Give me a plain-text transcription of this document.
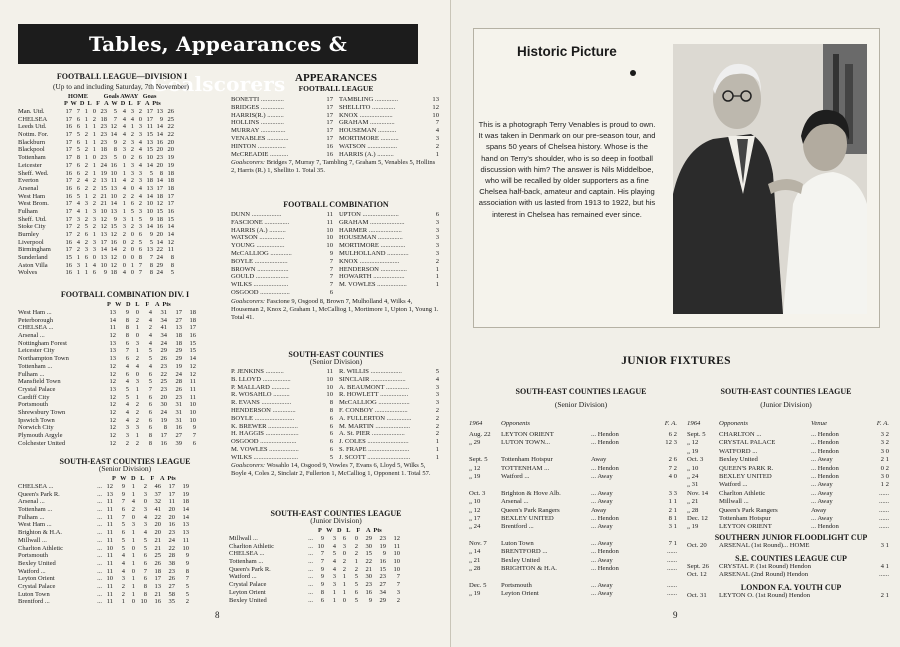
Tables, Appearances & Goalscorers
FOOTBALL LEAGUE—DIVISION I
(Up to and including Saturday, 7th November)
HOME          Goals AWAY   Goas
P  W  D  L   F   A  W  D  L   F   A  Pts
Man. Utd.	17 7 1 0 23	5 4 3 2 17 13 26
CHELSEA	17 6 1 2 18	7 4 4 0 17	9 25
Leeds Utd.	16 6 1 1 23 12 4 1 3 11 14 22
Nottm. For.	17 5 2 1 23 14 4 2 3 15 14 22
Blackburn	17 6 1 1 23	9 2 3 4 13 16 20
Blackpool	17 5 2 1 18	8 3 2 4 15 20 20
Tottenham	17 8 1 0 23	5 0 2 6 10 23 19
Leicester	17 6 2 1 24 16 1 3 4 14 20 19
Sheff. Wed.	16 6 2 1 19 10 1 3 3	5	8 18
Everton	17 2 4 2 13 11 4 2 3 18 14 18
Arsenal	16 6 2 2 15 13 4 0 4 13 17 18
West Ham	16 5 1 2 21 10 2 2 4 14 18 17
West Brom.	17 4 3 2 21 14 1 6 2 10 12 17
Fulham	17 4 1 3 10 13 1 5 3 10 15 16
Sheff. Utd.	17 3 2 3 12	9 3 1 5	9 18 15
Stoke City	17 2 5 2 12 15 3 2 3 14 16 14
Burnley	17 2 6 1 13 12 2 0 6	9 20 14
Liverpool	16 4 2 3 17 16 0 2 5	5 14 12
Birmingham	17 2 3 3 14 14 2 0 6 13 22 11
Sunderland	15 1 6 0 13 12 0 0 8	7 24	8
Aston Villa	16 3 1 4 10 12 0 1 7	8 29	8
Wolves	16 1 1 6	9 18 4 0 7	8 24	5
FOOTBALL COMBINATION DIV. I
P   W   D   L    F    A  Pts
West Ham ...	13	9	0	4	31	17	18
Peterborough	14	8	2	4	34	27	18
CHELSEA ...	11	8	1	2	41	13	17
Arsenal ...	12	8	0	4	34	18	16
Nottingham Forest	13	6	3	4	24	18	15
Leicester City	13	7	1	5	29	29	15
Northampton Town	13	6	2	5	26	29	14
Tottenham ...	12	4	4	4	23	19	12
Fulham ...	12	6	0	6	22	24	12
Mansfield Town	12	4	3	5	25	28	11
Crystal Palace	13	5	1	7	23	26	11
Cardiff City	12	5	1	6	20	23	11
Portsmouth	12	4	2	6	30	31	10
Shrewsbury Town	12	4	2	6	24	31	10
Ipswich Town	12	4	2	6	19	31	10
Norwich City	12	3	3	6	8	16	9
Plymouth Argyle	12	3	1	8	17	27	7
Colchester United	12	2	2	8	16	39	6
SOUTH-EAST COUNTIES LEAGUE
(Senior Division)
P   W   D   L    F    A  Pts
CHELSEA ...	... 12	9	1	2	46	17	19
Queen's Park R.	... 13	9	1	3	37	17	19
Arsenal ...	... 11	7	4	0	32	11	18
Tottenham ...	... 11	6	2	3	41	20	14
Fulham ...	... 11	7	0	4	22	20	14
West Ham ...	... 11	5	3	3	20	16	13
Brighton & H.A.	... 11	6	1	4	20	23	13
Millwall ...	... 11	5	1	5	21	24	11
Charlton Athletic	... 10	5	0	5	21	22	10
Portsmouth	... 11	4	1	6	25	28	9
Bexley United	... 11	4	1	6	26	38	9
Watford ...	... 11	4	0	7	18	23	8
Leyton Orient	... 10	3	1	6	17	26	7
Crystal Palace	... 11	2	1	8	13	27	5
Luton Town	... 11	2	1	8	21	58	5
Brentford ...	... 11	1	0 10	16	35	2
APPEARANCES
FOOTBALL LEAGUE
BONETTI ..............	17 TAMBLING ..............	13
BRIDGES ..............	17 SHELLITO ..............	12
HARRIS(R.) ..........	17 KNOX ....................	10
HOLLINS ..............	17 GRAHAM ...............	7
MURRAY ...............	17 HOUSEMAN ...........	4
VENABLES .............	17 MORTIMORE ...........	3
HINTON .................	16 WATSON ..................	2
McCREADIE ...........	16 HARRIS (A.) ..........	1
Goalscorers: Bridges 7, Murray 7, Tambling 7, Graham 5, Venables 5, Hollins 2, Harris (R.) 1, Shellito 1. Total 35.
FOOTBALL COMBINATION
DUNN ..................	11 UPTON ......................	6
FASCIONE ...............	11 GRAHAM .....................	3
HARRIS (A.) ..........	10 HARMER ....................	3
WATSON ...............	10 HOUSEMAN ...............	3
YOUNG .................	10 MORTIMORE ...............	3
McCALLIOG .............	9 MULHOLLAND .............	3
BOYLE ....................	7 KNOX ........................	2
BROWN ...................	7 HENDERSON ................	1
GOULD ....................	7 HOWARTH ...................	1
WILKS .....................	7 M. VOWLES ..................	1
OSGOOD ..................	6
Goalscorers: Fascione 9, Osgood 8, Brown 7, Mulholland 4, Wilks 4, Houseman 2, Knox 2, Graham 1, McCalliog 1, Mortimore 1, Upton 1, Young 1. Total 41.
SOUTH-EAST COUNTIES
(Senior Division)
P. JENKINS ...........	11 R. WILLIS ...................	5
B. LLOYD .................	10 SINCLAIR .....................	4
P. MALLARD ...........	10 A. BEAUMONT ..............	3
R. WOSAHLO ..........	10 R. HOWLETT .................	3
R. EVANS ..................	8 McCALLIOG ...................	3
HENDERSON ..............	8 F. CONBOY ....................	2
BOYLE ........................	6 A. FULLERTON ...............	2
K. BREWER ..................	6 M. MARTIN .....................	2
H. HAGGIS ....................	6 A. St. PIER ....................	2
OSGOOD ......................	6 J. COLES .........................	1
M. VOWLES ..................	6 S. FRAPE .........................	1
WILKS ...........................	5 J. SCOTT ..........................	1
Goalscorers: Wosahlo 14, Osgood 9, Vowles 7, Evans 6, Lloyd 5, Wilks 5, Boyle 4, Coles 2, Sinclair 2, Fullerton 1, McCalliog 1, Opponent 1. Total 57.
SOUTH-EAST COUNTIES LEAGUE
(Junior Division)
P   W   D   L    F    A  Pts
Millwall ...	...	9	3	6	0	29	23	12
Charlton Athletic	... 10	4	3	2	30	19	11
CHELSEA ...	...	7	5	0	2	15	9	10
Tottenham ...	...	7	4	2	1	22	16	10
Queen's Park R.	...	9	4	2	2	21	15	10
Watford ...	...	9	3	1	5	30	23	7
Crystal Palace	...	9	3	1	5	23	27	7
Leyton Orient	...	8	1	1	6	16	34	3
Bexley United	...	6	1	0	5	9	29	2
8
Historic Picture
This is a photograph Terry Venables is proud to own. It was taken in Denmark on our pre-season tour, and spans 50 years of Chelsea history. Whose is the hand on Terry's shoulder, who is so deep in football discussion with him? The answer is Nils Middelboe, who will be recalled by older supporters as a fine Chelsea half-back, amateur and captain. His playing association with us lasted from 1913 to 1922, but his interest in Chelsea has remained ever since.
JUNIOR FIXTURES
SOUTH-EAST COUNTIES LEAGUE
(Senior Division)
1964	Opponents	F. A.
Aug. 22	LEYTON ORIENT	... Hendon	6 2
„ 29	LUTON TOWN...	... Hendon	12 3
Sept. 5	Tottenham Hotspur	Away	2 6
„ 12	TOTTENHAM ...	... Hendon	7 2
„ 19	Watford ...	... Away	4 0
Oct. 3	Brighton & Hove Alb.	... Away	3 3
„ 10	Arsenal ...	... Away	1 1
„ 12	Queen's Park Rangers	Away	2 1
„ 17	BEXLEY UNITED	... Hendon	8 1
„ 24	Brentford ...	... Away	3 1
Nov. 7	Luton Town	... Away	7 1
„ 14	BRENTFORD ...	... Hendon	......
„ 21	Bexley United	... Away	......
„ 28	BRIGHTON & H.A.	... Hendon	......
Dec. 5	Portsmouth	... Away	......
„ 19	Leyton Orient	... Away	......
SOUTH-EAST COUNTIES LEAGUE
(Junior Division)
1964	Opponents	Venue	F. A.
Sept. 5	CHARLTON ...	... Hendon	3 2
„ 12	CRYSTAL PALACE	... Hendon	3 2
„ 19	WATFORD ...	... Hendon	3 0
Oct. 3	Bexley United	... Away	2 1
„ 10	QUEEN'S PARK R.	... Hendon	0 2
„ 24	BEXLEY UNITED	... Hendon	3 0
„ 31	Watford ...	... Away	1 2
Nov. 14	Charlton Athletic	... Away	......
„ 21	Millwall ...	... Away	......
„ 28	Queen's Park Rangers	Away	......
Dec. 12	Tottenham Hotspur	... Away	......
„ 19	LEYTON ORIENT	... Hendon	......
SOUTHERN JUNIOR FLOODLIGHT CUP
Oct. 20	ARSENAL (1st Round)... HOME	3 1
S.E. COUNTIES LEAGUE CUP
Sept. 26	CRYSTAL P. (1st Round) Hendon	4 1
Oct. 12	ARSENAL (2nd Round) Hendon	......
LONDON F.A. YOUTH CUP
Oct. 31	LEYTON O. (1st Round) Hendon	2 1
9
